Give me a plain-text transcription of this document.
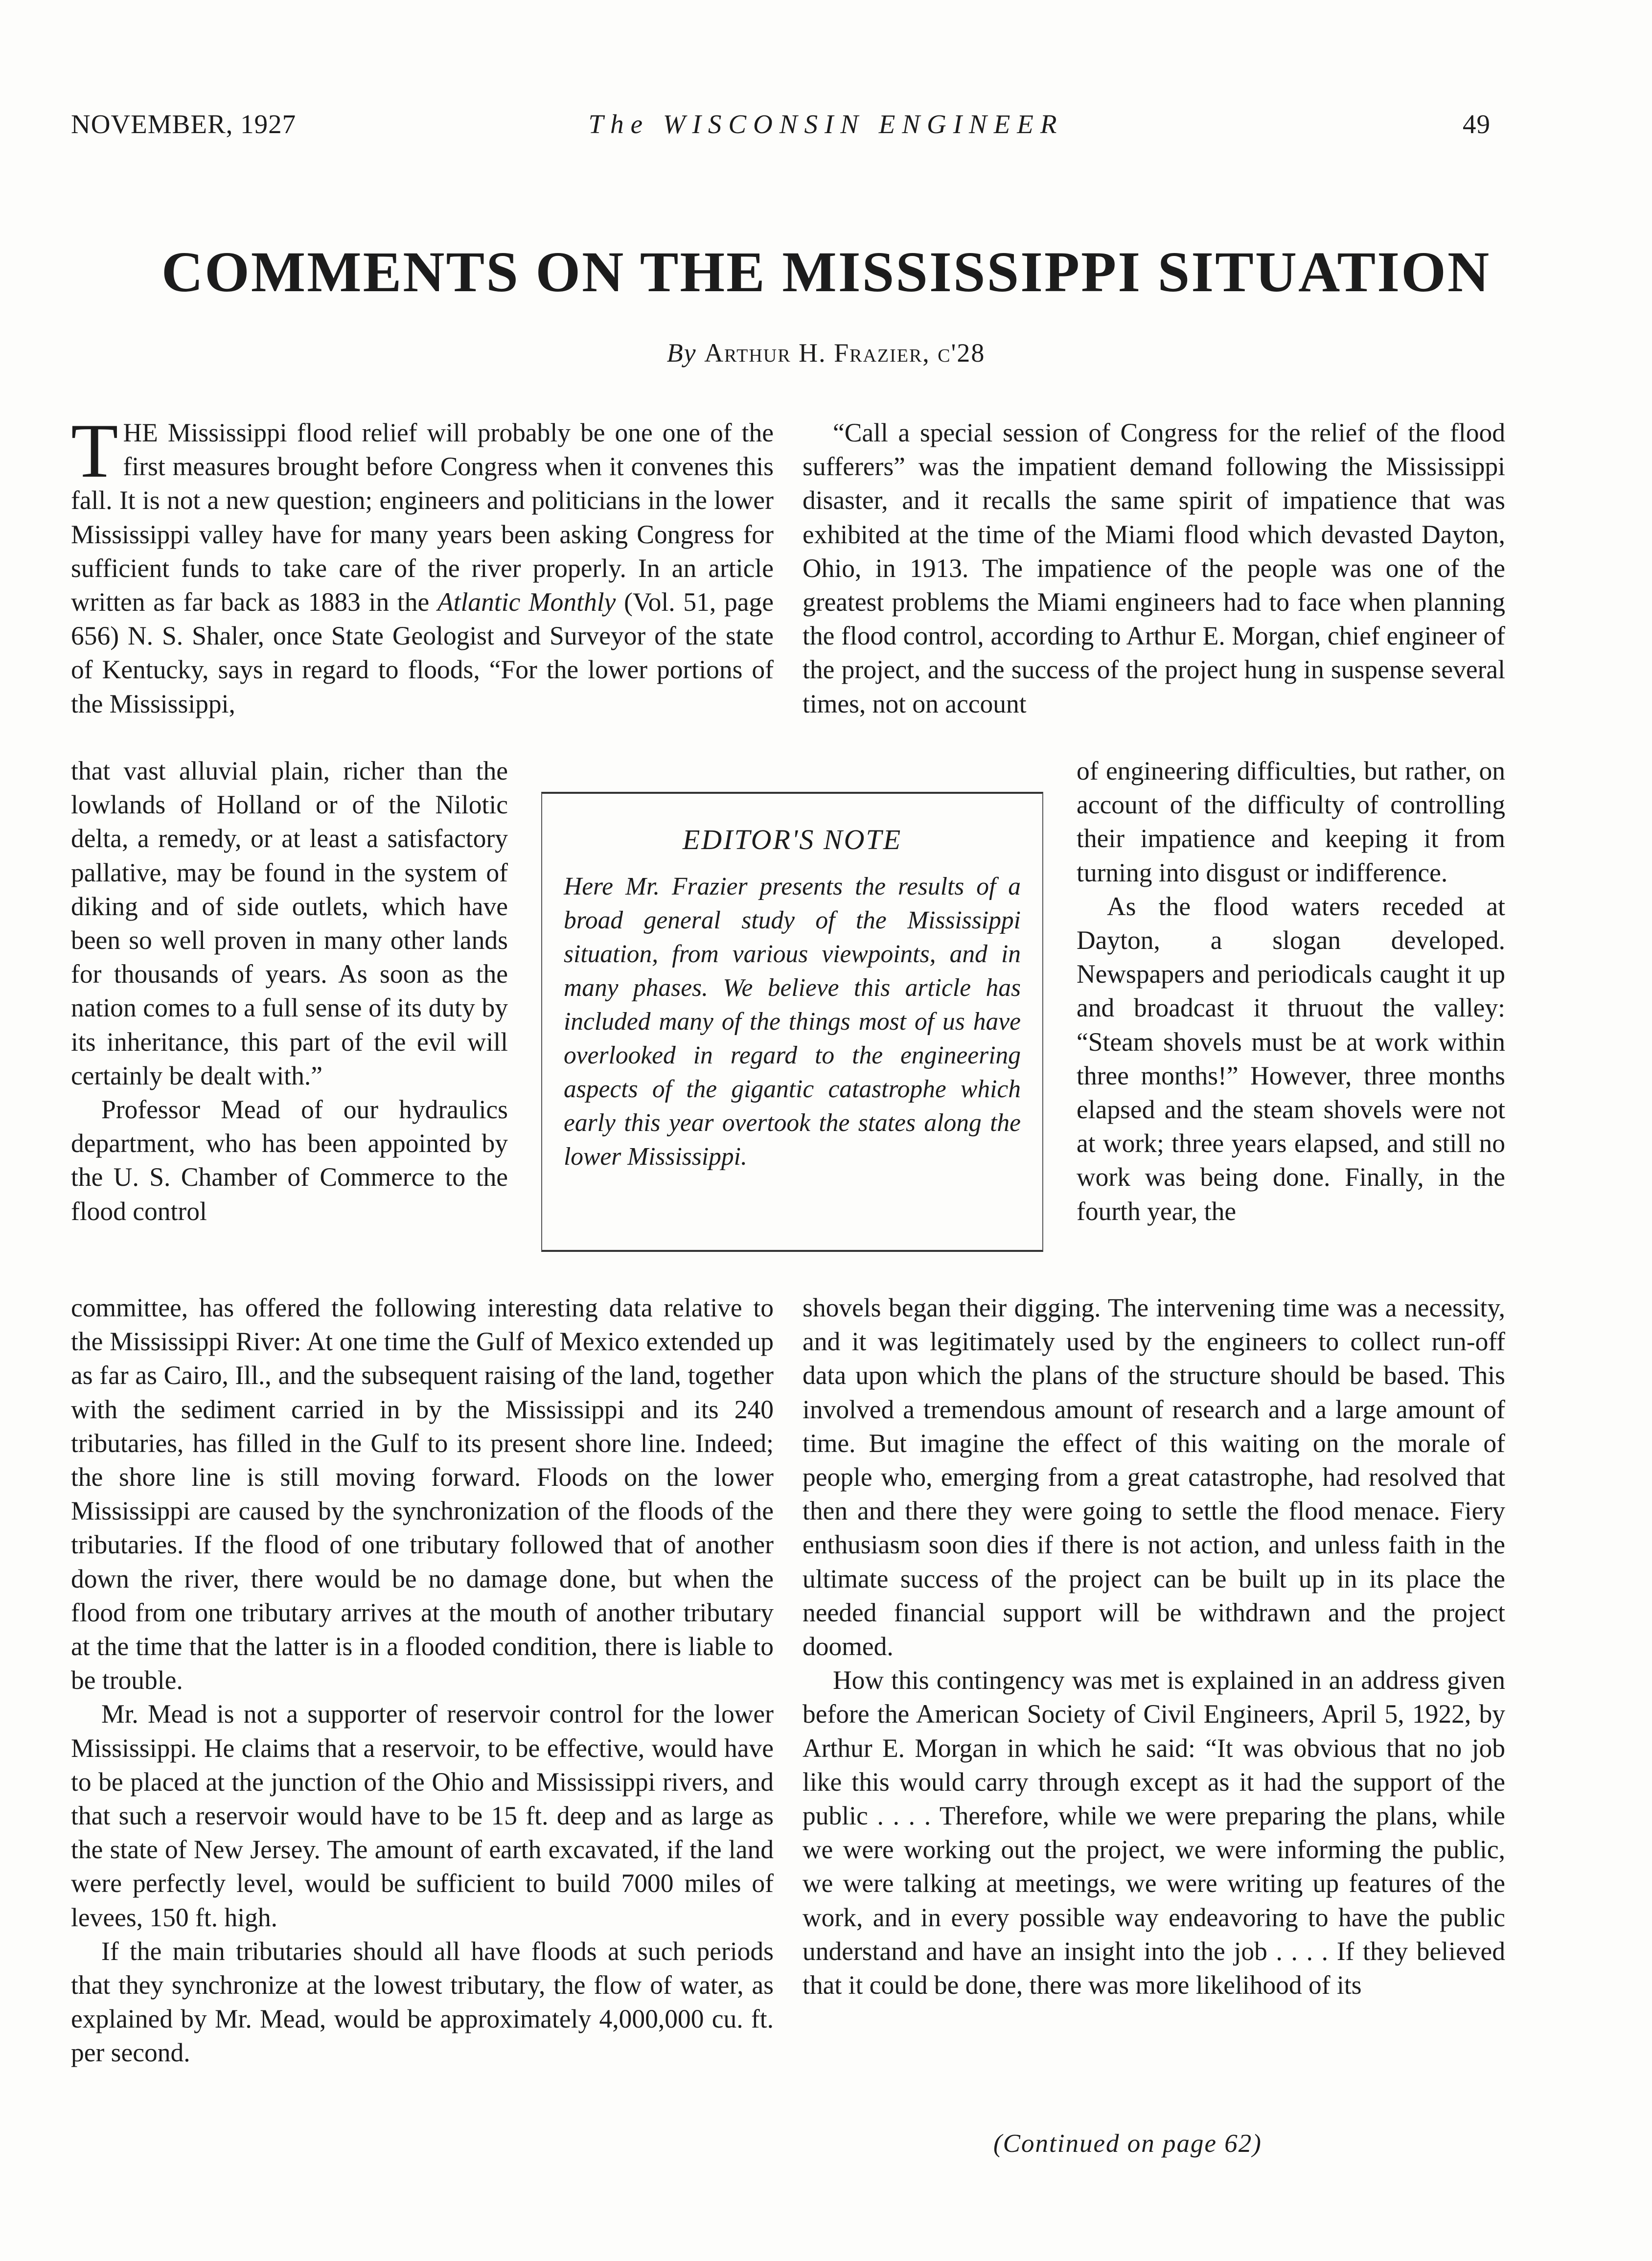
NOVEMBER, 1927	The WISCONSIN ENGINEER	49
COMMENTS ON THE MISSISSIPPI SITUATION
By Arthur H. Frazier, c'28

THE Mississippi flood relief will probably be one one of the first measures brought before Congress when it convenes this fall. It is not a new question; engineers and politicians in the lower Mississippi valley have for many years been asking Congress for sufficient funds to take care of the river properly. In an article written as far back as 1883 in the Atlantic Monthly (Vol. 51, page 656) N. S. Shaler, once State Geologist and Surveyor of the state of Kentucky, says in regard to floods, “For the lower portions of the Mississippi,

that vast alluvial plain, richer than the lowlands of Holland or of the Nilotic delta, a remedy, or at least a satisfactory pallative, may be found in the system of diking and of side outlets, which have been so well proven in many other lands for thousands of years. As soon as the nation comes to a full sense of its duty by its inheritance, this part of the evil will certainly be dealt with.”

Professor Mead of our hydraulics department, who has been appointed by the U. S. Chamber of Commerce to the flood control

committee, has offered the following interesting data relative to the Mississippi River: At one time the Gulf of Mexico extended up as far as Cairo, Ill., and the subsequent raising of the land, together with the sediment carried in by the Mississippi and its 240 tributaries, has filled in the Gulf to its present shore line. Indeed; the shore line is still moving forward. Floods on the lower Mississippi are caused by the synchronization of the floods of the tributaries. If the flood of one tributary followed that of another down the river, there would be no damage done, but when the flood from one tributary arrives at the mouth of another tributary at the time that the latter is in a flooded condition, there is liable to be trouble.

Mr. Mead is not a supporter of reservoir control for the lower Mississippi. He claims that a reservoir, to be effective, would have to be placed at the junction of the Ohio and Mississippi rivers, and that such a reservoir would have to be 15 ft. deep and as large as the state of New Jersey. The amount of earth excavated, if the land were perfectly level, would be sufficient to build 7000 miles of levees, 150 ft. high.

If the main tributaries should all have floods at such periods that they synchronize at the lowest tributary, the flow of water, as explained by Mr. Mead, would be approximately 4,000,000 cu. ft. per second.

EDITOR'S NOTE
Here Mr. Frazier presents the results of a broad general study of the Mississippi situation, from various viewpoints, and in many phases. We believe this article has included many of the things most of us have overlooked in regard to the engineering aspects of the gigantic catastrophe which early this year overtook the states along the lower Mississippi.

“Call a special session of Congress for the relief of the flood sufferers” was the impatient demand following the Mississippi disaster, and it recalls the same spirit of impatience that was exhibited at the time of the Miami flood which devasted Dayton, Ohio, in 1913. The impatience of the people was one of the greatest problems the Miami engineers had to face when planning the flood control, according to Arthur E. Morgan, chief engineer of the project, and the success of the project hung in suspense several times, not on account

of engineering difficulties, but rather, on account of the difficulty of controlling their impatience and keeping it from turning into disgust or indifference.

As the flood waters receded at Dayton, a slogan developed. Newspapers and periodicals caught it up and broadcast it thruout the valley: “Steam shovels must be at work within three months!” However, three months elapsed and the steam shovels were not at work; three years elapsed, and still no work was being done. Finally, in the fourth year, the

shovels began their digging. The intervening time was a necessity, and it was legitimately used by the engineers to collect run-off data upon which the plans of the structure should be based. This involved a tremendous amount of research and a large amount of time. But imagine the effect of this waiting on the morale of people who, emerging from a great catastrophe, had resolved that then and there they were going to settle the flood menace. Fiery enthusiasm soon dies if there is not action, and unless faith in the ultimate success of the project can be built up in its place the needed financial support will be withdrawn and the project doomed.

How this contingency was met is explained in an address given before the American Society of Civil Engineers, April 5, 1922, by Arthur E. Morgan in which he said: “It was obvious that no job like this would carry through except as it had the support of the public . . . . Therefore, while we were preparing the plans, while we were working out the project, we were informing the public, we were talking at meetings, we were writing up features of the work, and in every possible way endeavoring to have the public understand and have an insight into the job . . . . If they believed that it could be done, there was more likelihood of its

(Continued on page 62)
